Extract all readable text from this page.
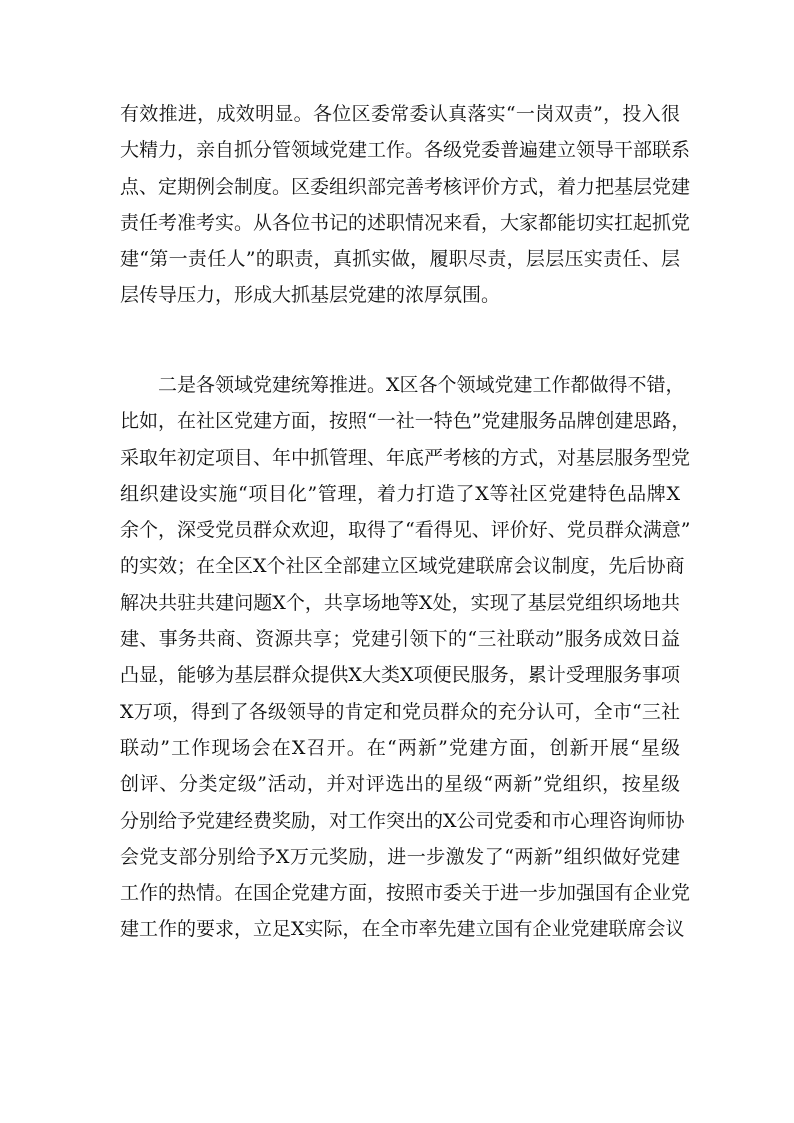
有效推进，成效明显。各位区委常委认真落实“一岗双责”，投入很
大精力，亲自抓分管领域党建工作。各级党委普遍建立领导干部联系
点、定期例会制度。区委组织部完善考核评价方式，着力把基层党建
责任考准考实。从各位书记的述职情况来看，大家都能切实扛起抓党
建“第一责任人”的职责，真抓实做，履职尽责，层层压实责任、层
层传导压力，形成大抓基层党建的浓厚氛围。
二是各领域党建统筹推进。X区各个领域党建工作都做得不错，
比如，在社区党建方面，按照“一社一特色”党建服务品牌创建思路，
采取年初定项目、年中抓管理、年底严考核的方式，对基层服务型党
组织建设实施“项目化”管理，着力打造了X等社区党建特色品牌X
余个，深受党员群众欢迎，取得了“看得见、评价好、党员群众满意”
的实效；在全区X个社区全部建立区域党建联席会议制度，先后协商
解决共驻共建问题X个，共享场地等X处，实现了基层党组织场地共
建、事务共商、资源共享；党建引领下的“三社联动”服务成效日益
凸显，能够为基层群众提供X大类X项便民服务，累计受理服务事项
X万项，得到了各级领导的肯定和党员群众的充分认可，全市“三社
联动”工作现场会在X召开。在“两新”党建方面，创新开展“星级
创评、分类定级”活动，并对评选出的星级“两新”党组织，按星级
分别给予党建经费奖励，对工作突出的X公司党委和市心理咨询师协
会党支部分别给予X万元奖励，进一步激发了“两新”组织做好党建
工作的热情。在国企党建方面，按照市委关于进一步加强国有企业党
建工作的要求，立足X实际，在全市率先建立国有企业党建联席会议
